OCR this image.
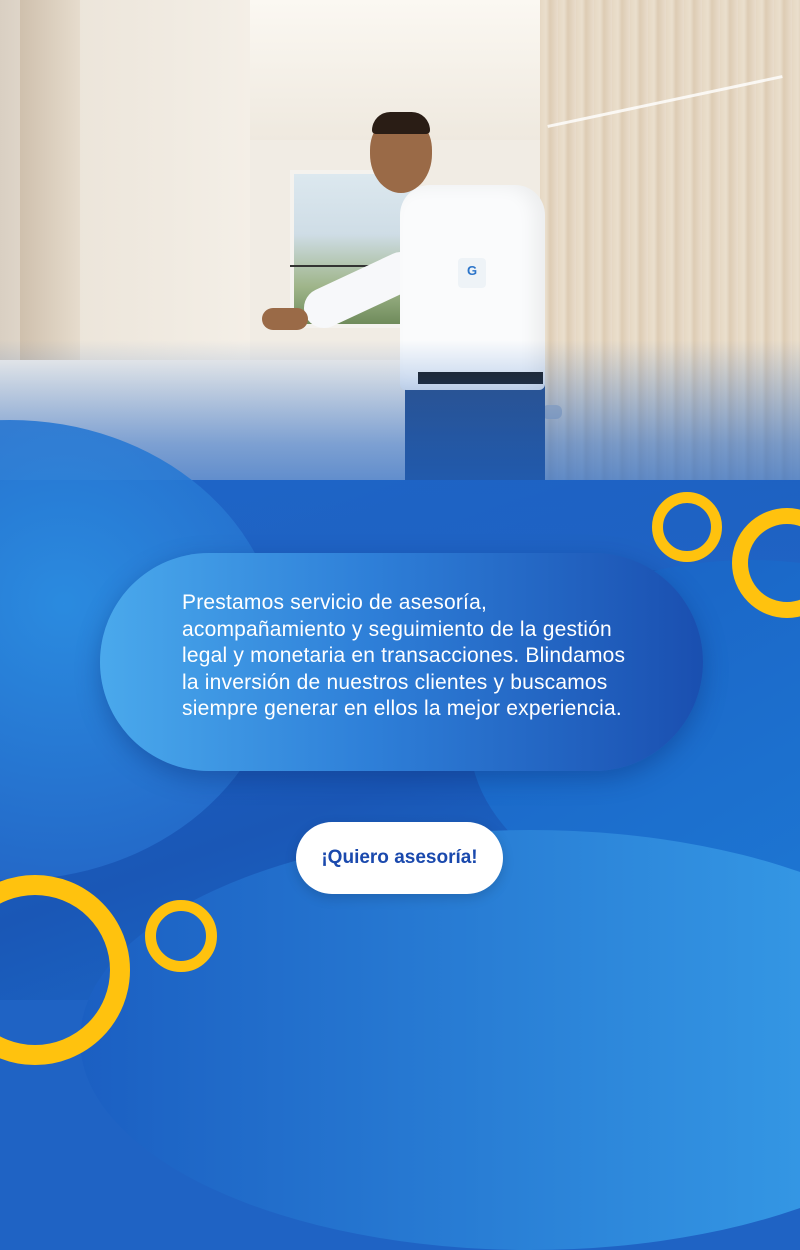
G

Prestamos servicio de asesoría, acompañamiento y seguimiento de la gestión legal y monetaria en transacciones. Blindamos la inversión de nuestros clientes y buscamos siempre generar en ellos la mejor experiencia.

¡Quiero asesoría!
